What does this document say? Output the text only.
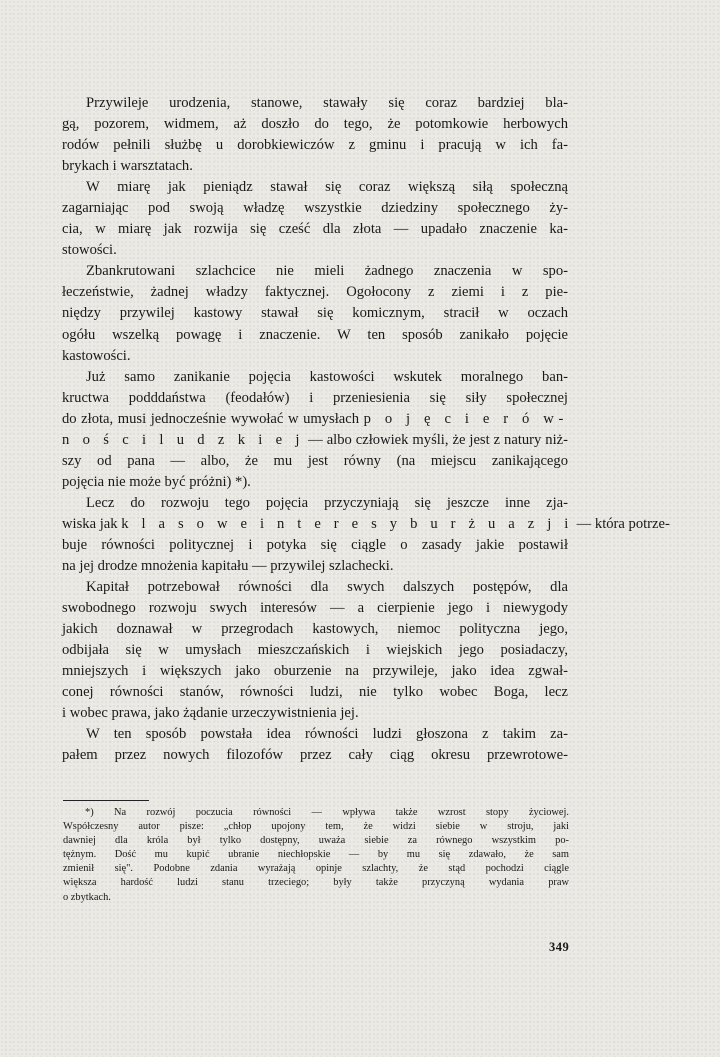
Przywileje urodzenia, stanowe, stawały się coraz bardziej bla-
gą, pozorem, widmem, aż doszło do tego, że potomkowie herbowych
rodów pełnili służbę u dorobkiewiczów z gminu i pracują w ich fa-
brykach i warsztatach.
W miarę jak pieniądz stawał się coraz większą siłą społeczną
zagarniając pod swoją władzę wszystkie dziedziny społecznego ży-
cia, w miarę jak rozwija się cześć dla złota — upadało znaczenie ka-
stowości.
Zbankrutowani szlachcice nie mieli żadnego znaczenia w spo-
łeczeństwie, żadnej władzy faktycznej. Ogołocony z ziemi i z pie-
niędzy przywilej kastowy stawał się komicznym, stracił w oczach
ogółu wszelką powagę i znaczenie. W ten sposób zanikało pojęcie
kastowości.
Już samo zanikanie pojęcia kastowości wskutek moralnego ban-
kructwa podddaństwa (feodałów) i przeniesienia się siły społecznej
do złota, musi jednocześnie wywołać w umysłach p o j ę c i e r ó w-
n o ś c i l u d z k i e j — albo człowiek myśli, że jest z natury niż-
szy od pana — albo, że mu jest równy (na miejscu zanikającego
pojęcia nie może być próżni) *).
Lecz do rozwoju tego pojęcia przyczyniają się jeszcze inne zja-
wiska jak k l a s o w e i n t e r e s y b u r ż u a z j i — która potrze-
buje równości politycznej i potyka się ciągle o zasady jakie postawił
na jej drodze mnożenia kapitału — przywilej szlachecki.
Kapitał potrzebował równości dla swych dalszych postępów, dla
swobodnego rozwoju swych interesów — a cierpienie jego i niewygody
jakich doznawał w przegrodach kastowych, niemoc polityczna jego,
odbijała się w umysłach mieszczańskich i wiejskich jego posiadaczy,
mniejszych i większych jako oburzenie na przywileje, jako idea zgwał-
conej równości stanów, równości ludzi, nie tylko wobec Boga, lecz
i wobec prawa, jako żądanie urzeczywistnienia jej.
W ten sposób powstała idea równości ludzi głoszona z takim za-
pałem przez nowych filozofów przez cały ciąg okresu przewrotowe-
*) Na rozwój poczucia równości — wpływa także wzrost stopy życiowej.
Współczesny autor pisze: „chłop upojony tem, że widzi siebie w stroju, jaki
dawniej dla króla był tylko dostępny, uważa siebie za równego wszystkim po-
tężnym. Dość mu kupić ubranie niechłopskie — by mu się zdawało, że sam
zmienił się". Podobne zdania wyrażają opinje szlachty, że stąd pochodzi ciągle
większa hardość ludzi stanu trzeciego; były także przyczyną wydania praw
o zbytkach.
349
